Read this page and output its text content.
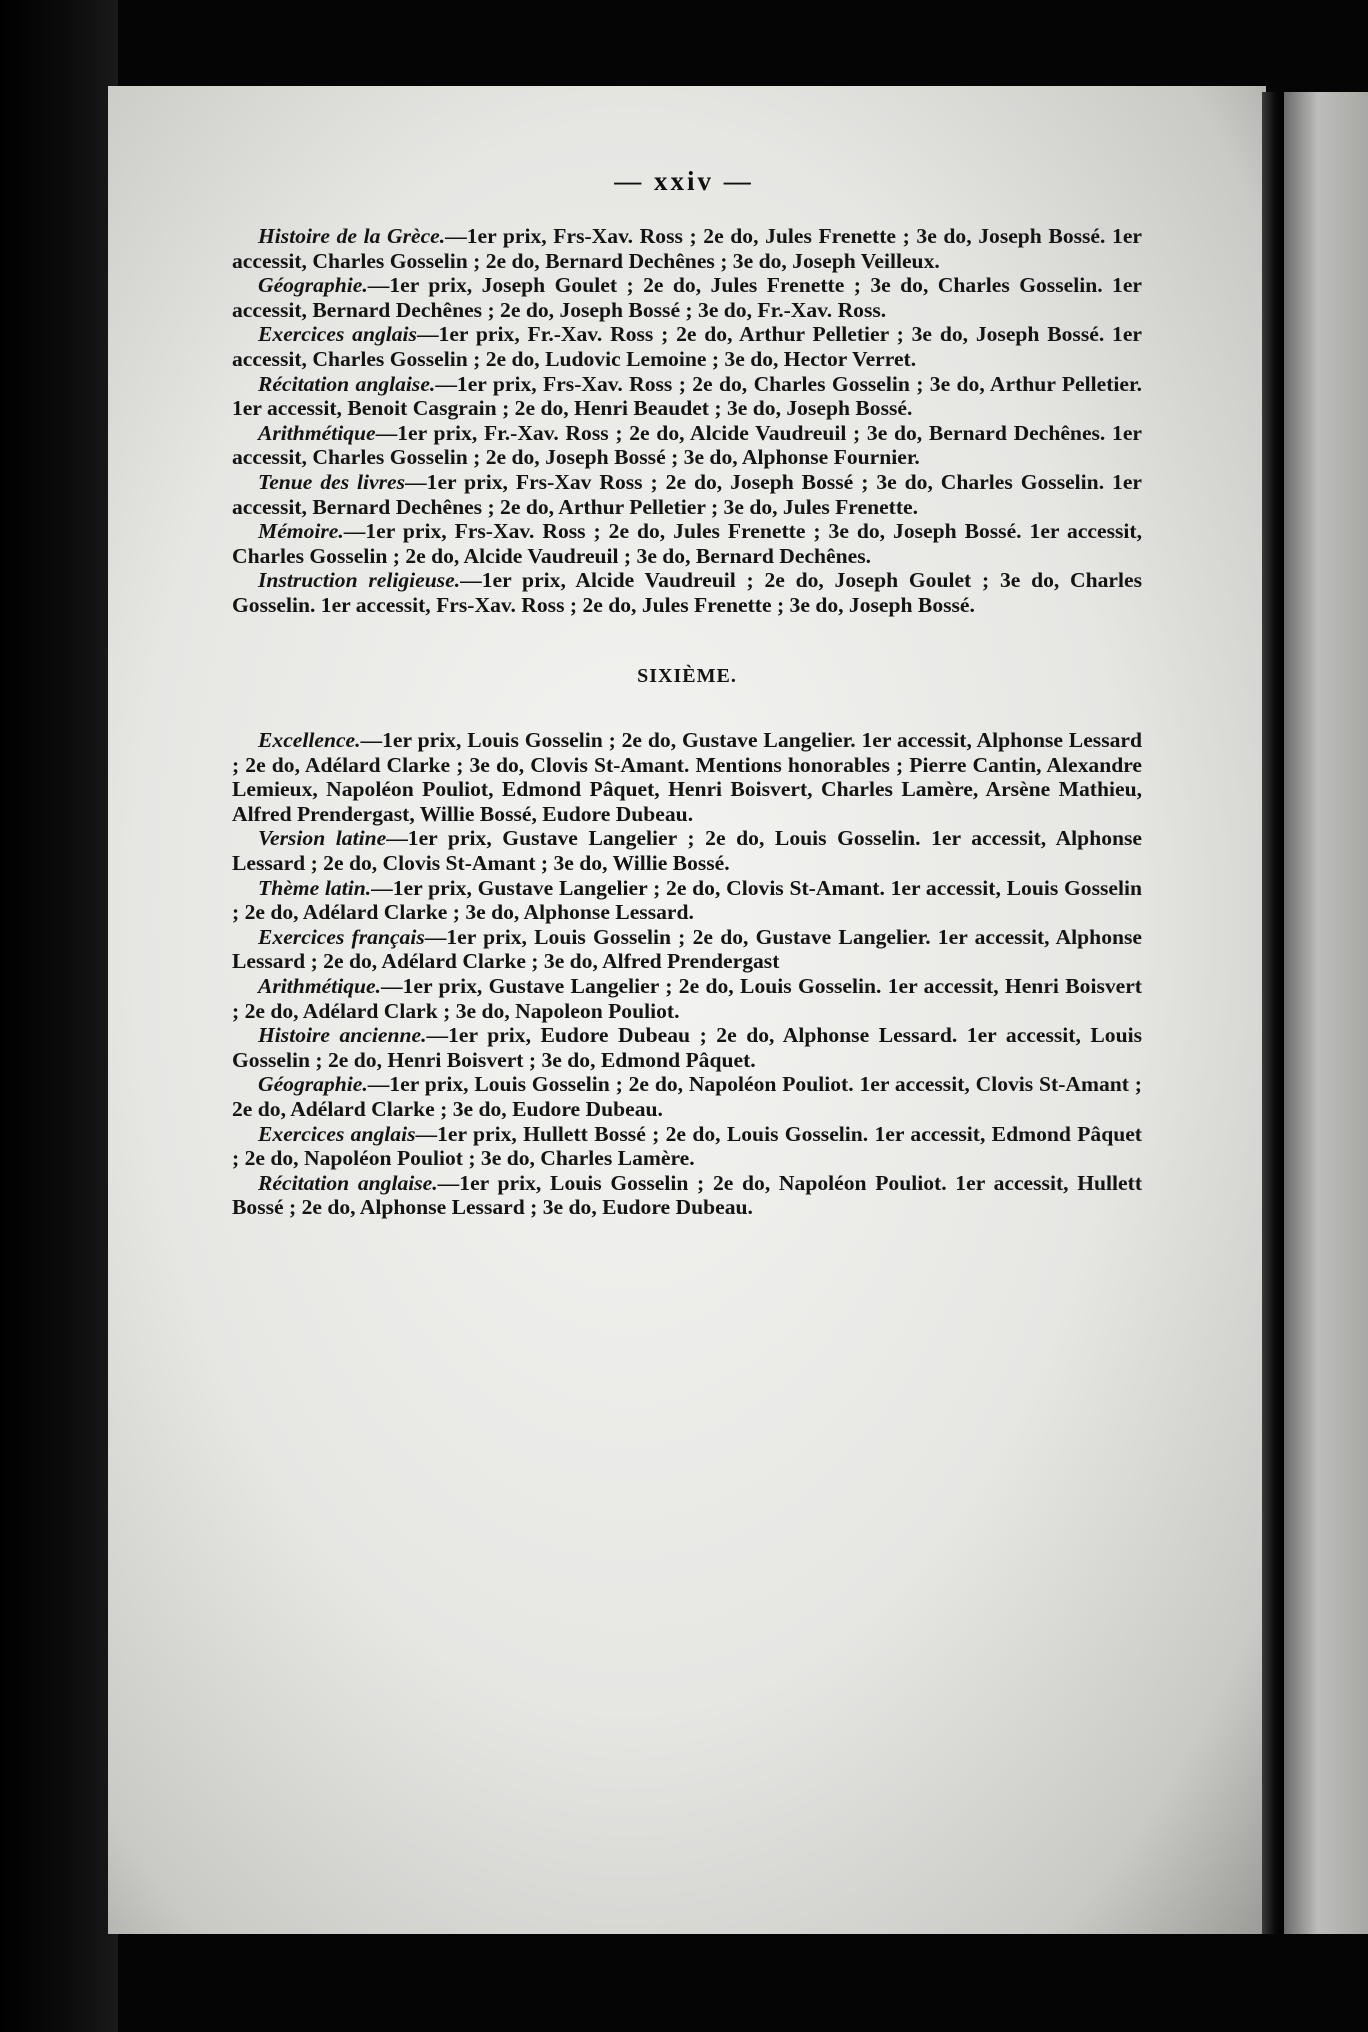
— xxiv —

Histoire de la Grèce.—1er prix, Frs-Xav. Ross ; 2e do, Jules Frenette ; 3e do, Joseph Bossé. 1er accessit, Charles Gosselin ; 2e do, Bernard Dechênes ; 3e do, Joseph Veilleux.

Géographie.—1er prix, Joseph Goulet ; 2e do, Jules Frenette ; 3e do, Charles Gosselin. 1er accessit, Bernard Dechênes ; 2e do, Joseph Bossé ; 3e do, Fr.-Xav. Ross.

Exercices anglais—1er prix, Fr.-Xav. Ross ; 2e do, Arthur Pelletier ; 3e do, Joseph Bossé. 1er accessit, Charles Gosselin ; 2e do, Ludovic Lemoine ; 3e do, Hector Verret.

Récitation anglaise.—1er prix, Frs-Xav. Ross ; 2e do, Charles Gosselin ; 3e do, Arthur Pelletier. 1er accessit, Benoit Casgrain ; 2e do, Henri Beaudet ; 3e do, Joseph Bossé.

Arithmétique—1er prix, Fr.-Xav. Ross ; 2e do, Alcide Vaudreuil ; 3e do, Bernard Dechênes. 1er accessit, Charles Gosselin ; 2e do, Joseph Bossé ; 3e do, Alphonse Fournier.

Tenue des livres—1er prix, Frs-Xav Ross ; 2e do, Joseph Bossé ; 3e do, Charles Gosselin. 1er accessit, Bernard Dechênes ; 2e do, Arthur Pelletier ; 3e do, Jules Frenette.

Mémoire.—1er prix, Frs-Xav. Ross ; 2e do, Jules Frenette ; 3e do, Joseph Bossé. 1er accessit, Charles Gosselin ; 2e do, Alcide Vaudreuil ; 3e do, Bernard Dechênes.

Instruction religieuse.—1er prix, Alcide Vaudreuil ; 2e do, Joseph Goulet ; 3e do, Charles Gosselin. 1er accessit, Frs-Xav. Ross ; 2e do, Jules Frenette ; 3e do, Joseph Bossé.

SIXIÈME.

Excellence.—1er prix, Louis Gosselin ; 2e do, Gustave Langelier. 1er accessit, Alphonse Lessard ; 2e do, Adélard Clarke ; 3e do, Clovis St-Amant. Mentions honorables ; Pierre Cantin, Alexandre Lemieux, Napoléon Pouliot, Edmond Pâquet, Henri Boisvert, Charles Lamère, Arsène Mathieu, Alfred Prendergast, Willie Bossé, Eudore Dubeau.

Version latine—1er prix, Gustave Langelier ; 2e do, Louis Gosselin. 1er accessit, Alphonse Lessard ; 2e do, Clovis St-Amant ; 3e do, Willie Bossé.

Thème latin.—1er prix, Gustave Langelier ; 2e do, Clovis St-Amant. 1er accessit, Louis Gosselin ; 2e do, Adélard Clarke ; 3e do, Alphonse Lessard.

Exercices français—1er prix, Louis Gosselin ; 2e do, Gustave Langelier. 1er accessit, Alphonse Lessard ; 2e do, Adélard Clarke ; 3e do, Alfred Prendergast

Arithmétique.—1er prix, Gustave Langelier ; 2e do, Louis Gosselin. 1er accessit, Henri Boisvert ; 2e do, Adélard Clark ; 3e do, Napoleon Pouliot.

Histoire ancienne.—1er prix, Eudore Dubeau ; 2e do, Alphonse Lessard. 1er accessit, Louis Gosselin ; 2e do, Henri Boisvert ; 3e do, Edmond Pâquet.

Géographie.—1er prix, Louis Gosselin ; 2e do, Napoléon Pouliot. 1er accessit, Clovis St-Amant ; 2e do, Adélard Clarke ; 3e do, Eudore Dubeau.

Exercices anglais—1er prix, Hullett Bossé ; 2e do, Louis Gosselin. 1er accessit, Edmond Pâquet ; 2e do, Napoléon Pouliot ; 3e do, Charles Lamère.

Récitation anglaise.—1er prix, Louis Gosselin ; 2e do, Napoléon Pouliot. 1er accessit, Hullett Bossé ; 2e do, Alphonse Lessard ; 3e do, Eudore Dubeau.
